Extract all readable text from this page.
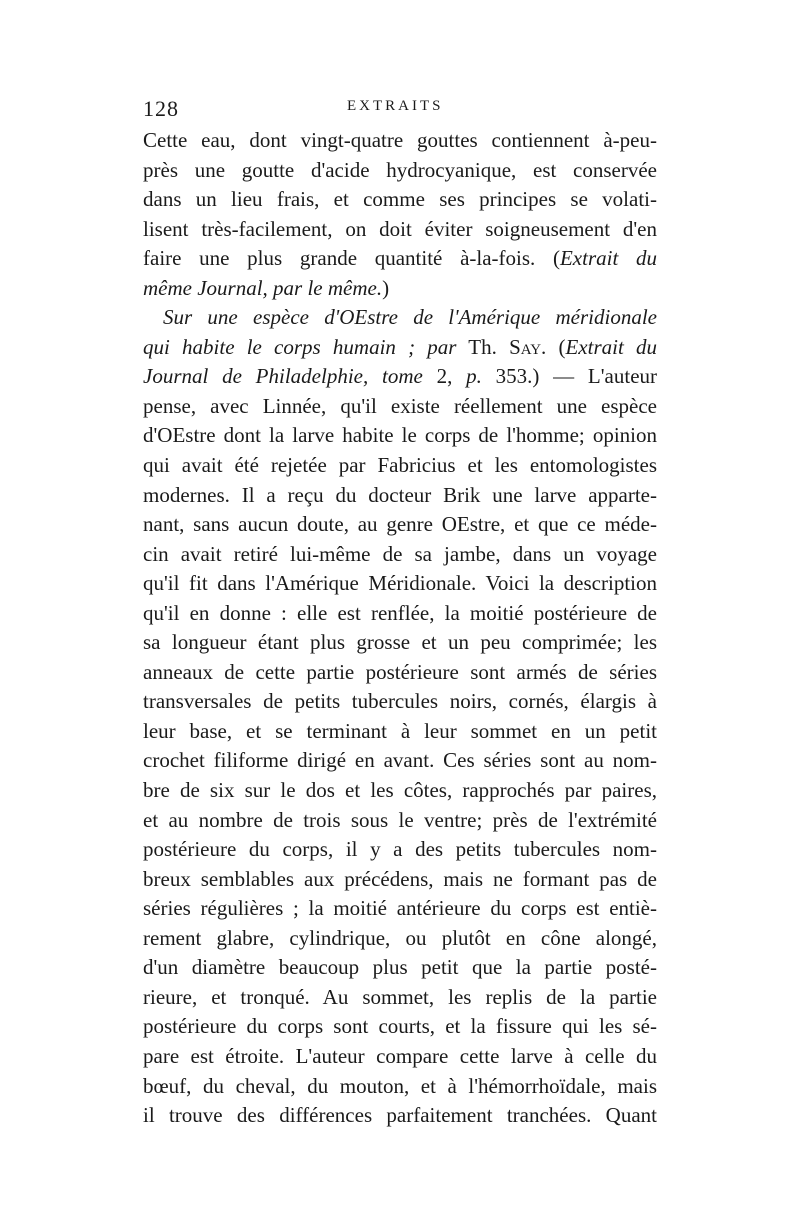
128	EXTRAITS
Cette eau, dont vingt-quatre gouttes contiennent à-peu-
près une goutte d'acide hydrocyanique, est conservée
dans un lieu frais, et comme ses principes se volati-
lisent très-facilement, on doit éviter soigneusement d'en
faire une plus grande quantité à-la-fois. (Extrait du
même Journal, par le même.)
Sur une espèce d'OEstre de l'Amérique méridionale
qui habite le corps humain ; par Th. Say. (Extrait du
Journal de Philadelphie, tome 2, p. 353.) — L'auteur
pense, avec Linnée, qu'il existe réellement une espèce
d'OEstre dont la larve habite le corps de l'homme; opinion
qui avait été rejetée par Fabricius et les entomologistes
modernes. Il a reçu du docteur Brik une larve apparte-
nant, sans aucun doute, au genre OEstre, et que ce méde-
cin avait retiré lui-même de sa jambe, dans un voyage
qu'il fit dans l'Amérique Méridionale. Voici la description
qu'il en donne : elle est renflée, la moitié postérieure de
sa longueur étant plus grosse et un peu comprimée; les
anneaux de cette partie postérieure sont armés de séries
transversales de petits tubercules noirs, cornés, élargis à
leur base, et se terminant à leur sommet en un petit
crochet filiforme dirigé en avant. Ces séries sont au nom-
bre de six sur le dos et les côtes, rapprochés par paires,
et au nombre de trois sous le ventre; près de l'extrémité
postérieure du corps, il y a des petits tubercules nom-
breux semblables aux précédens, mais ne formant pas de
séries régulières ; la moitié antérieure du corps est entiè-
rement glabre, cylindrique, ou plutôt en cône alongé,
d'un diamètre beaucoup plus petit que la partie posté-
rieure, et tronqué. Au sommet, les replis de la partie
postérieure du corps sont courts, et la fissure qui les sé-
pare est étroite. L'auteur compare cette larve à celle du
bœuf, du cheval, du mouton, et à l'hémorrhoïdale, mais
il trouve des différences parfaitement tranchées. Quant
